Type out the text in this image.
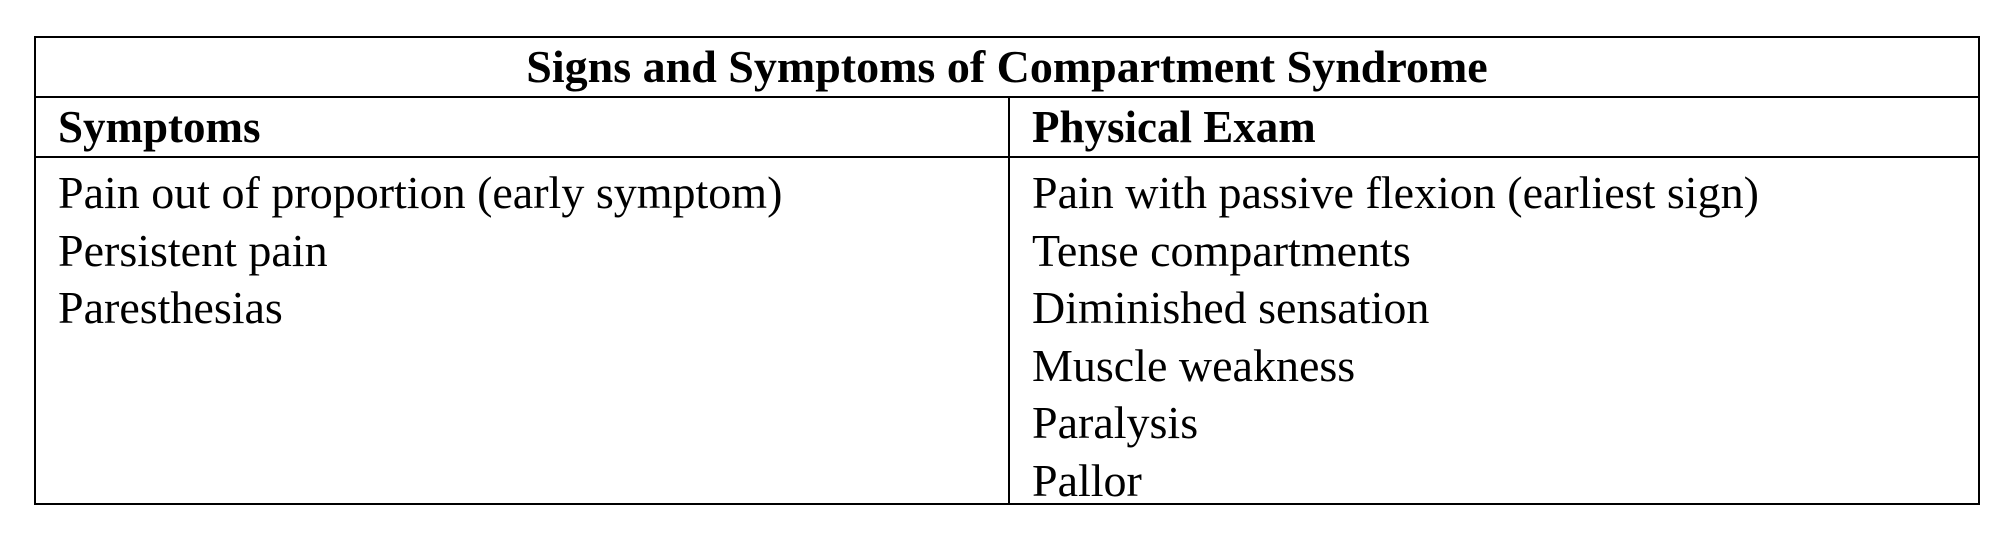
Signs and Symptoms of Compartment Syndrome
Symptoms	Physical Exam
Pain out of proportion (early symptom)
Persistent pain
Paresthesias
Pain with passive flexion (earliest sign)
Tense compartments
Diminished sensation
Muscle weakness
Paralysis
Pallor
